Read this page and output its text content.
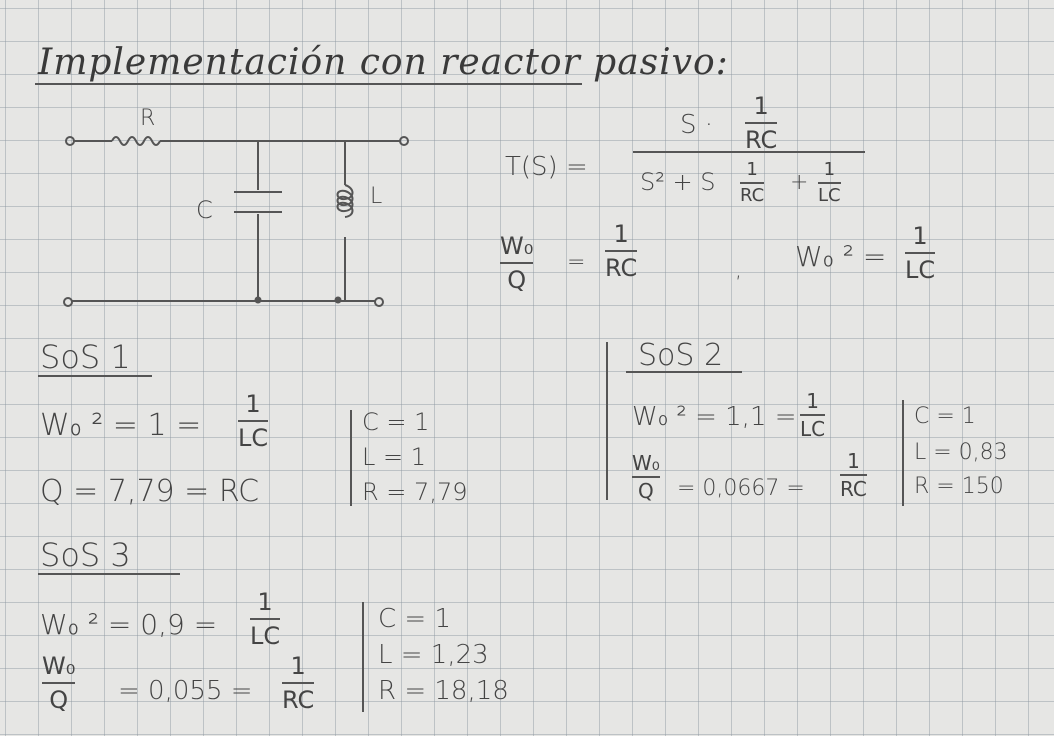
Implementación con reactor pasivo:
R
C	L
T(S) =
S ·
1
RC
S² + S 1
RC
+
1
LC
W₀
Q
=
1
RC	, W₀ ² =
1
LC
SoS 1
W₀ ² = 1 =
1
LC
Q = 7,79 = RC
C = 1
L = 1
R = 7,79
SoS 2
W₀ ² = 1,1 =
1
LC
W₀
Q = 0,0667 =
1
RC
C = 1
L = 0,83
R = 150
SoS 3
W₀ ² = 0,9 =
1
LC
W₀
Q = 0,055 =
1
RC
C = 1
L = 1,23
R = 18,18
